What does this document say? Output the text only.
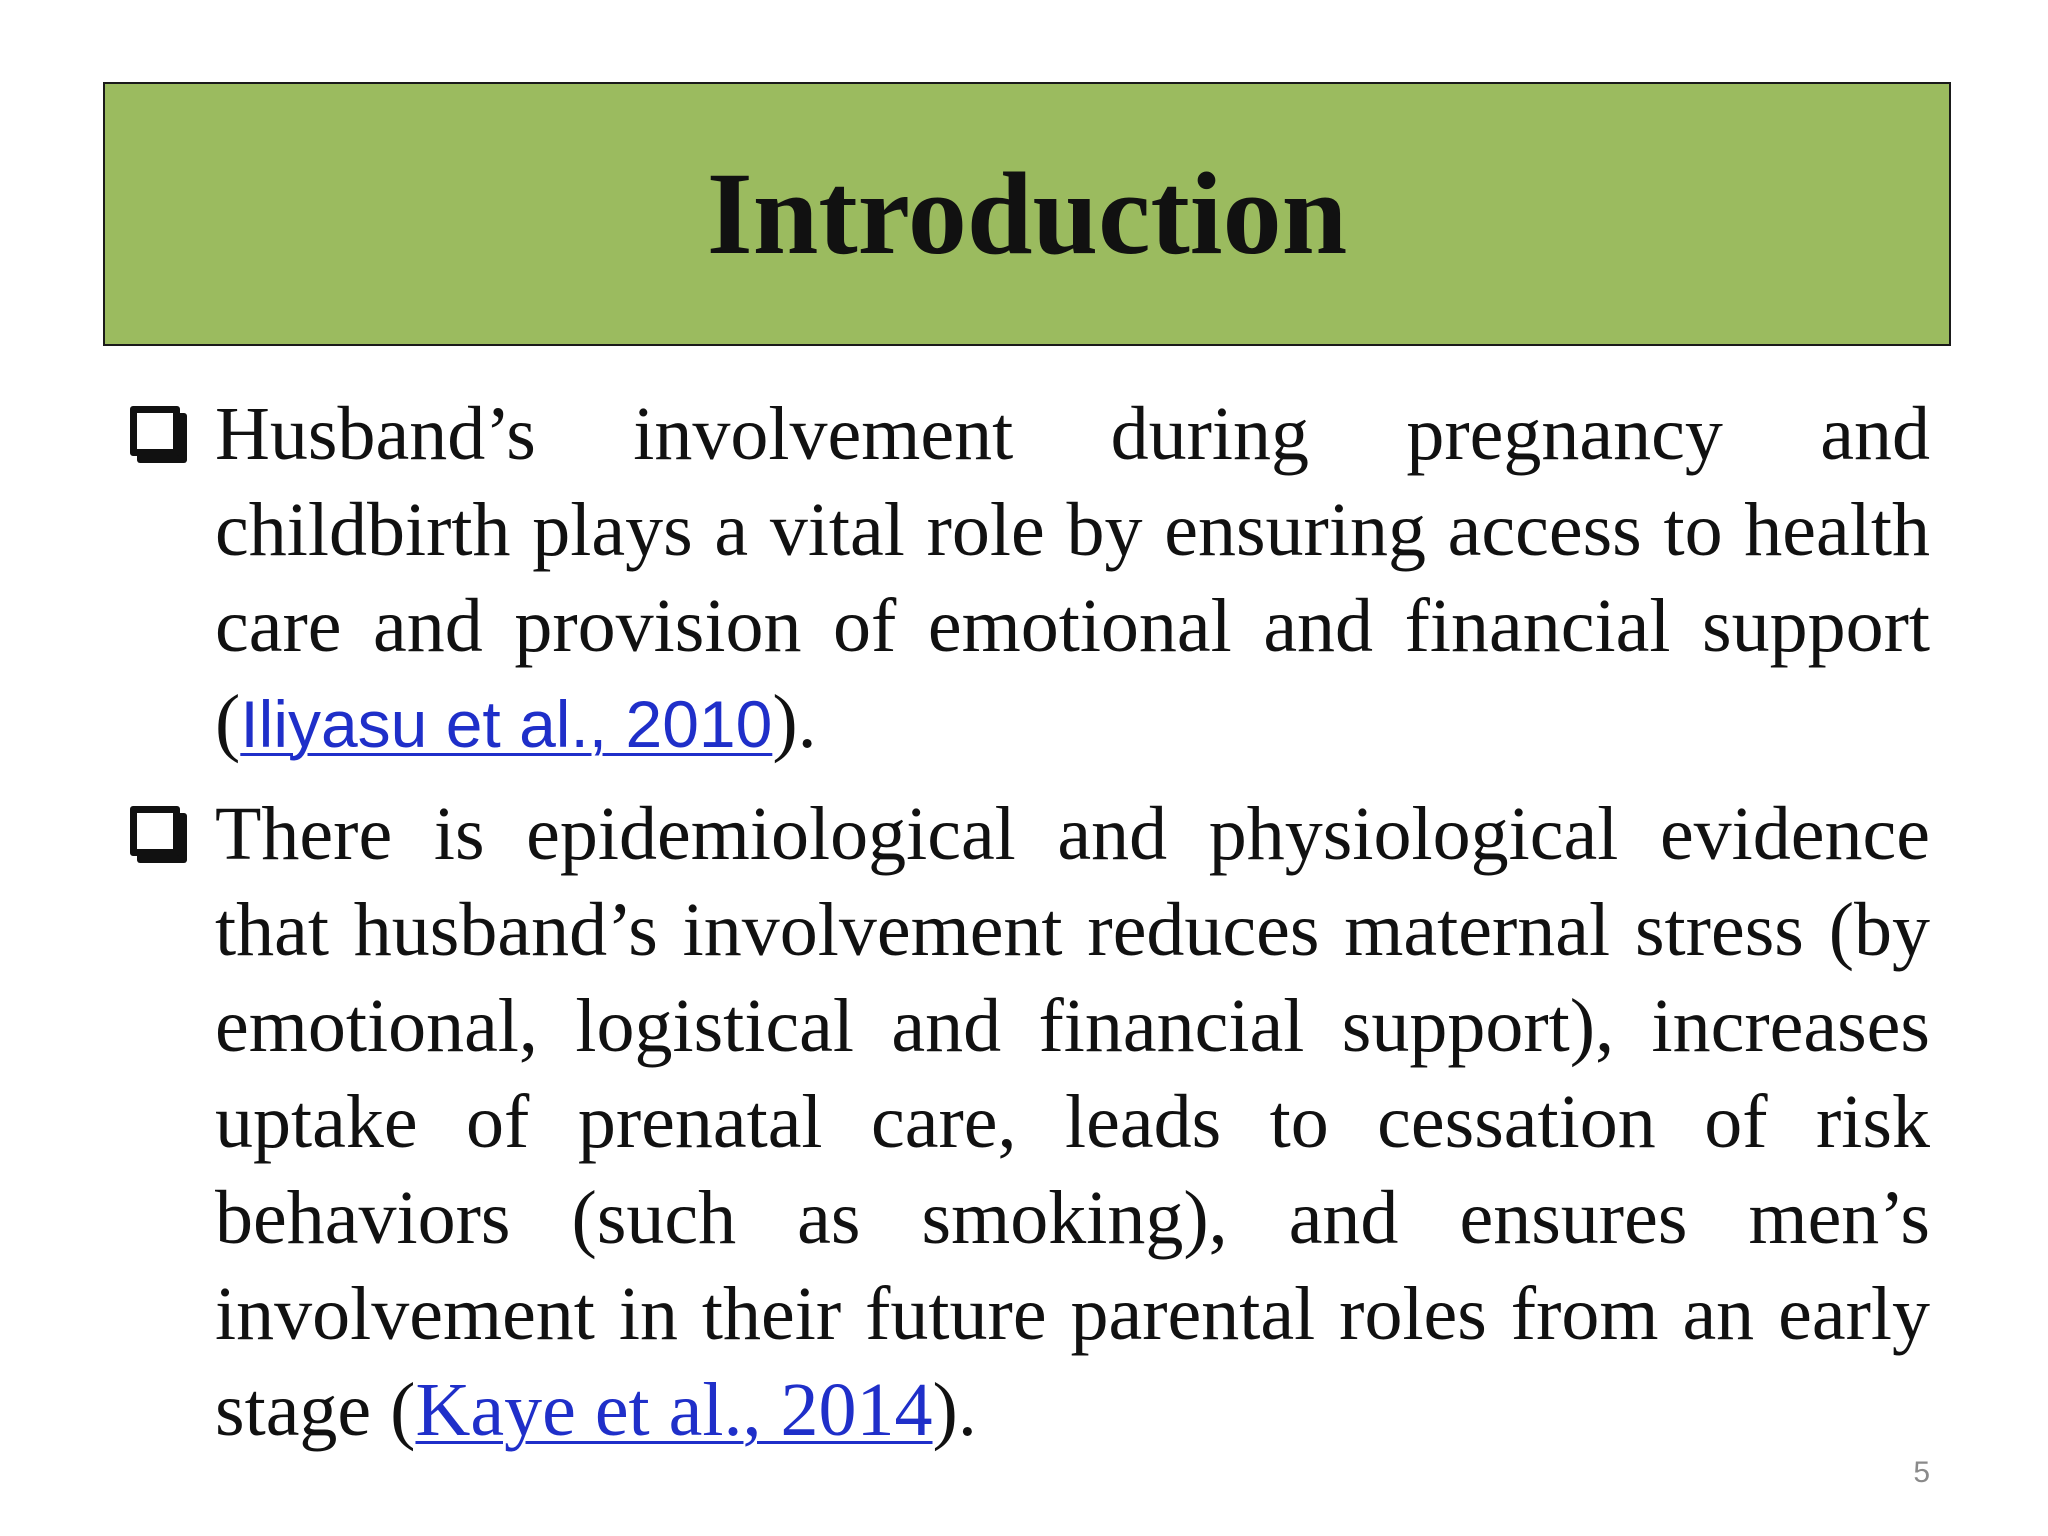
Introduction

Husband’s involvement during pregnancy and childbirth plays a vital role by ensuring access to health care and provision of emotional and financial support (Iliyasu et al., 2010).

There is epidemiological and physiological evidence that husband’s involvement reduces maternal stress (by emotional, logistical and financial support), increases uptake of prenatal care, leads to cessation of risk behaviors (such as smoking), and ensures men’s involvement in their future parental roles from an early stage (Kaye et al., 2014).

5
